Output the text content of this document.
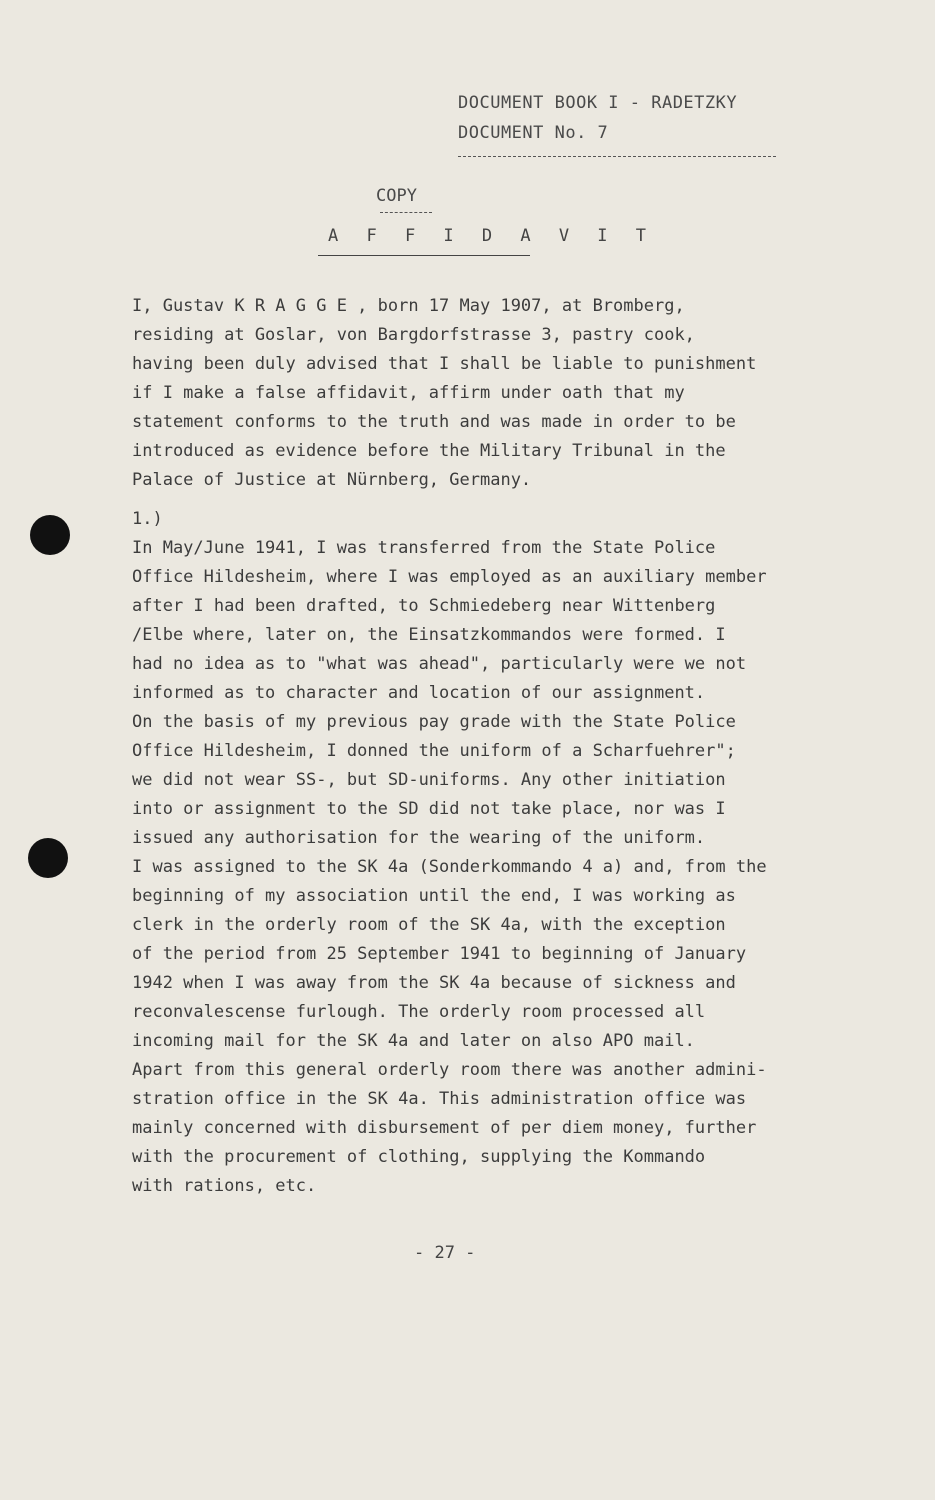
DOCUMENT BOOK I - RADETZKY
DOCUMENT No. 7
COPY
A F F I D A V I T
I, Gustav K R A G G E , born 17 May 1907, at Bromberg,
residing at Goslar, von Bargdorfstrasse 3, pastry cook,
having been duly advised that I shall be liable to punishment
if I make a false affidavit, affirm under oath that my
statement conforms to the truth and was made in order to be
introduced as evidence before the Military Tribunal in the
Palace of Justice at Nürnberg, Germany.
1.)
In May/June 1941, I was transferred from the State Police
Office Hildesheim, where I was employed as an auxiliary member
after I had been drafted, to Schmiedeberg near Wittenberg
/Elbe where, later on, the Einsatzkommandos were formed. I
had no idea as to "what was ahead", particularly were we not
informed as to character and location of our assignment.
On the basis of my previous pay grade with the State Police
Office Hildesheim, I donned the uniform of a Scharfuehrer";
we did not wear SS-, but SD-uniforms. Any other initiation
into or assignment to the SD did not take place, nor was I
issued any authorisation for the wearing of the uniform.
I was assigned to the SK 4a (Sonderkommando 4 a) and, from the
beginning of my association until the end, I was working as
clerk in the orderly room of the SK 4a, with the exception
of the period from 25 September 1941 to beginning of January
1942 when I was away from the SK 4a because of sickness and
reconvalescense furlough. The orderly room processed all
incoming mail for the SK 4a and later on also APO mail.
Apart from this general orderly room there was another admini-
stration office in the SK 4a. This administration office was
mainly concerned with disbursement of per diem money, further
with the procurement of clothing, supplying the Kommando
with rations, etc.
- 27 -
